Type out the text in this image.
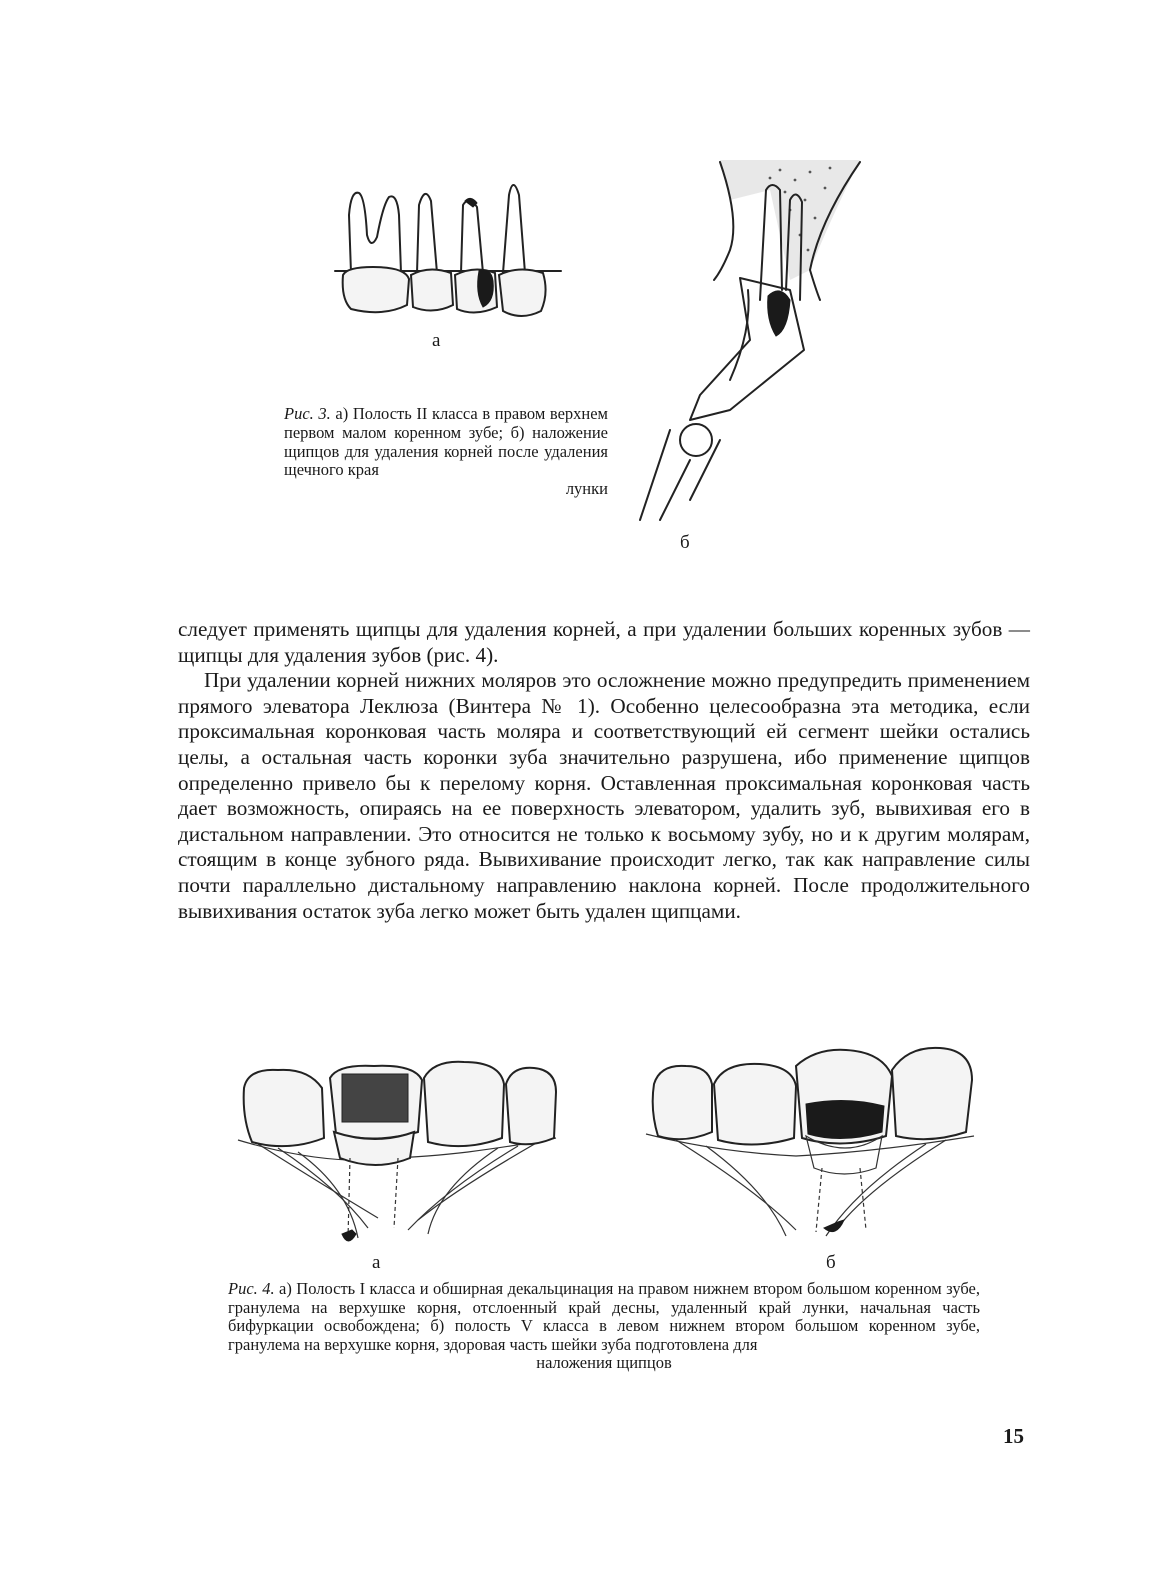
а
б
Рис. 3. а) Полость II класса в правом верхнем первом малом коренном зубе; б) наложение щипцов для удаления корней после удаления щечного края
лунки

следует применять щипцы для удаления корней, а при удалении больших коренных зубов — щипцы для удаления зубов (рис. 4).

При удалении корней нижних моляров это осложнение можно предупредить применением прямого элеватора Леклюза (Винтера № 1). Особенно целесообразна эта методика, если проксимальная коронковая часть моляра и соответствующий ей сегмент шейки остались целы, а остальная часть коронки зуба значительно разрушена, ибо применение щипцов определенно привело бы к перелому корня. Оставленная проксимальная коронковая часть дает возможность, опираясь на ее поверхность элеватором, удалить зуб, вывихивая его в дистальном направлении. Это относится не только к восьмому зубу, но и к другим молярам, стоящим в конце зубного ряда. Вывихивание происходит легко, так как направление силы почти параллельно дистальному направлению наклона корней. После продолжительного вывихивания остаток зуба легко может быть удален щипцами.

а	б
Рис. 4. а) Полость I класса и обширная декальцинация на правом нижнем втором большом коренном зубе, гранулема на верхушке корня, отслоенный край десны, удаленный край лунки, начальная часть бифуркации освобождена; б) полость V класса в левом нижнем втором большом коренном зубе, гранулема на верхушке корня, здоровая часть шейки зуба подготовлена для
наложения щипцов
15
